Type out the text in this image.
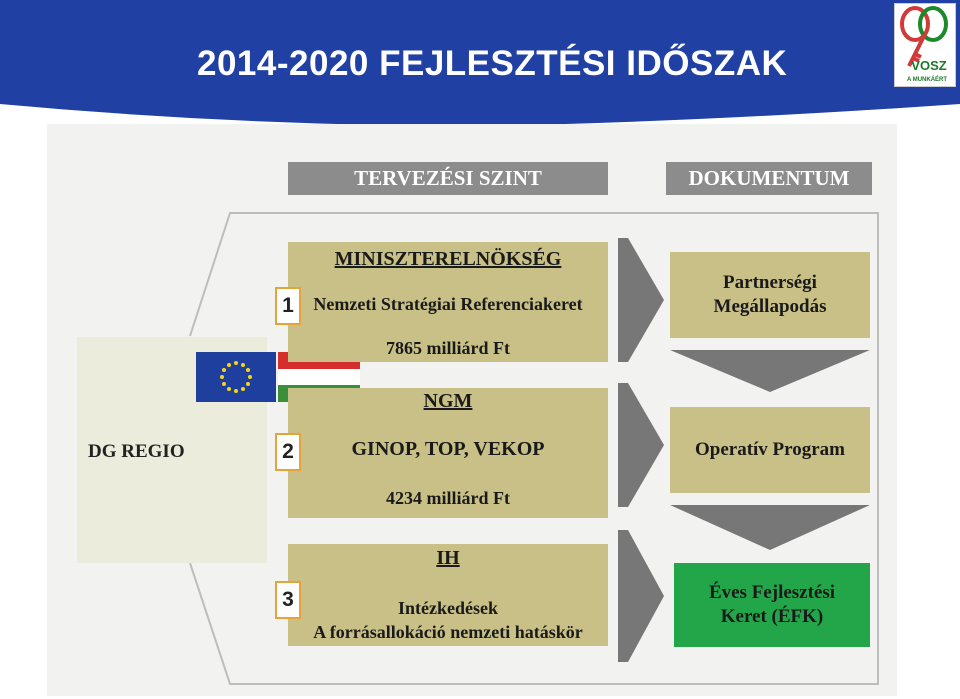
2014-2020 FEJLESZTÉSI IDŐSZAK	VOSZ
A MUNKÁÉRT
TERVEZÉSI SZINT	DOKUMENTUM
DG REGIO
MINISZTERELNÖKSÉG
Nemzeti Stratégiai Referenciakeret
7865 milliárd Ft
1
NGM
GINOP, TOP, VEKOP
4234 milliárd Ft
2
IH
Intézkedések
A forrásallokáció nemzeti hatáskör
3
Partnerségi
Megállapodás
Operatív Program
Éves Fejlesztési
Keret (ÉFK)
